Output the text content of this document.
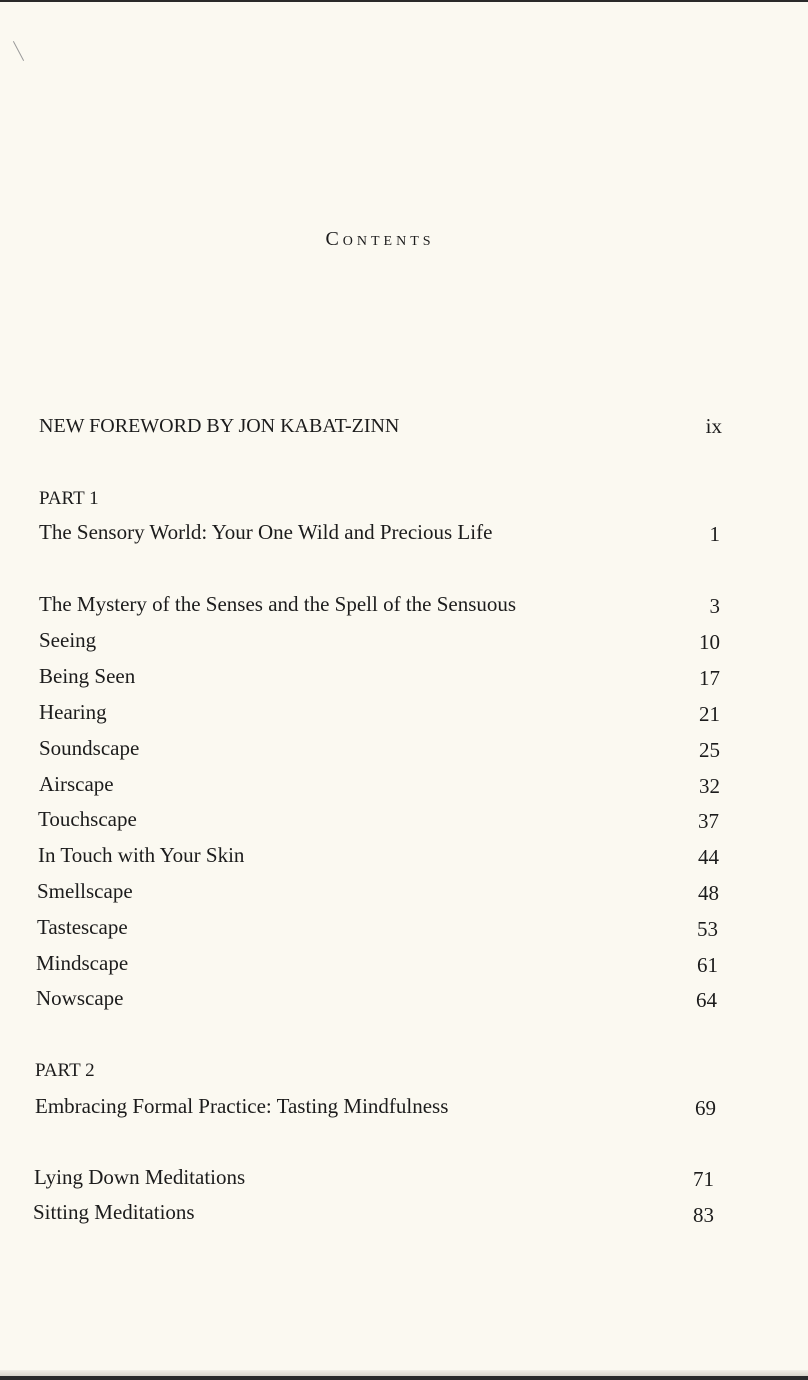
Contents
NEW FOREWORD BY JON KABAT-ZINN	ix
PART 1
The Sensory World: Your One Wild and Precious Life	1
The Mystery of the Senses and the Spell of the Sensuous	3
Seeing	10
Being Seen	17
Hearing	21
Soundscape	25
Airscape	32
Touchscape	37
In Touch with Your Skin	44
Smellscape	48
Tastescape	53
Mindscape	61
Nowscape	64
PART 2
Embracing Formal Practice: Tasting Mindfulness	69
Lying Down Meditations	71
Sitting Meditations	83
